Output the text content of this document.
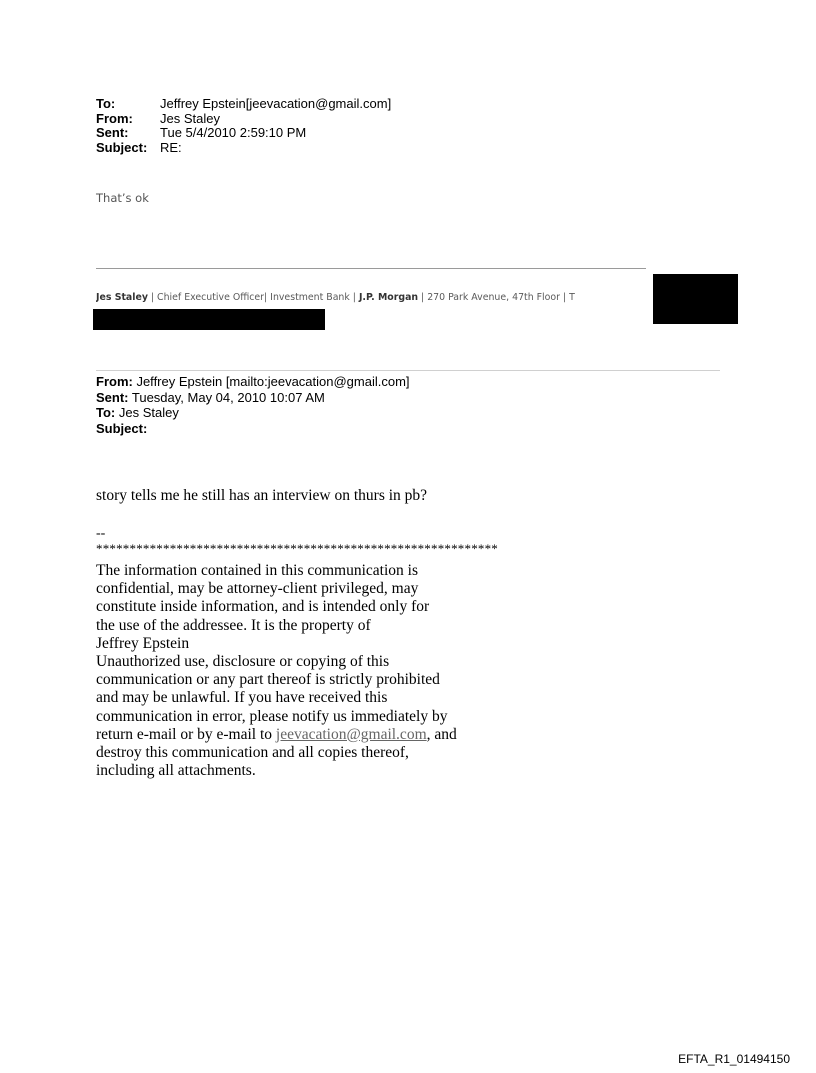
To:	Jeffrey Epstein[jeevacation@gmail.com]
From:	Jes Staley
Sent:	Tue 5/4/2010 2:59:10 PM
Subject: RE:
That’s ok
Jes Staley | Chief Executive Officer| Investment Bank | J.P. Morgan | 270 Park Avenue, 47th Floor | T
From: Jeffrey Epstein [mailto:jeevacation@gmail.com]
Sent: Tuesday, May 04, 2010 10:07 AM
To: Jes Staley
Subject:
story tells me he still has an interview on thurs in pb?
--
************************************************************
The information contained in this communication is
confidential, may be attorney-client privileged, may
constitute inside information, and is intended only for
the use of the addressee. It is the property of
Jeffrey Epstein
Unauthorized use, disclosure or copying of this
communication or any part thereof is strictly prohibited
and may be unlawful. If you have received this
communication in error, please notify us immediately by
return e-mail or by e-mail to jeevacation@gmail.com, and
destroy this communication and all copies thereof,
including all attachments.
EFTA_R1_01494150
